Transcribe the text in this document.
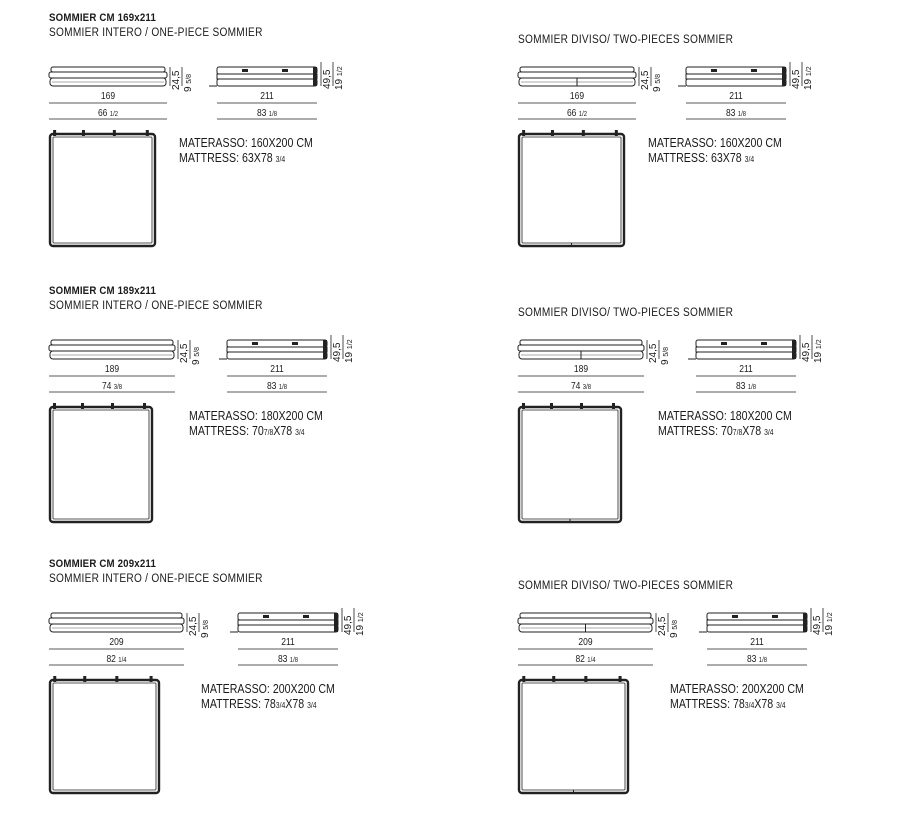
SOMMIER CM 169x211
SOMMIER INTERO / ONE-PIECE SOMMIER
169
66 1/2
24,5 9 5/8
211
83 1/8
49,5 19 1/2
MATERASSO: 160X200 CM
MATTRESS: 63X78 3/4
SOMMIER DIVISO/ TWO-PIECES SOMMIER
169
66 1/2
24,5 9 5/8
211
83 1/8
49,5 19 1/2
MATERASSO: 160X200 CM
MATTRESS: 63X78 3/4
SOMMIER CM 189x211
SOMMIER INTERO / ONE-PIECE SOMMIER
189
74 3/8
24,5 9 5/8
211
83 1/8
49,5 19 1/2
MATERASSO: 180X200 CM
MATTRESS: 707/8X78 3/4
SOMMIER DIVISO/ TWO-PIECES SOMMIER
189
74 3/8
24,5 9 5/8
211
83 1/8
49,5 19 1/2
MATERASSO: 180X200 CM
MATTRESS: 707/8X78 3/4
SOMMIER CM 209x211
SOMMIER INTERO / ONE-PIECE SOMMIER
209
82 1/4
24,5 9 5/8
211
83 1/8
49,5 19 1/2
MATERASSO: 200X200 CM
MATTRESS: 783/4X78 3/4
SOMMIER DIVISO/ TWO-PIECES SOMMIER
209
82 1/4
24,5 9 5/8
211
83 1/8
49,5 19 1/2
MATERASSO: 200X200 CM
MATTRESS: 783/4X78 3/4
